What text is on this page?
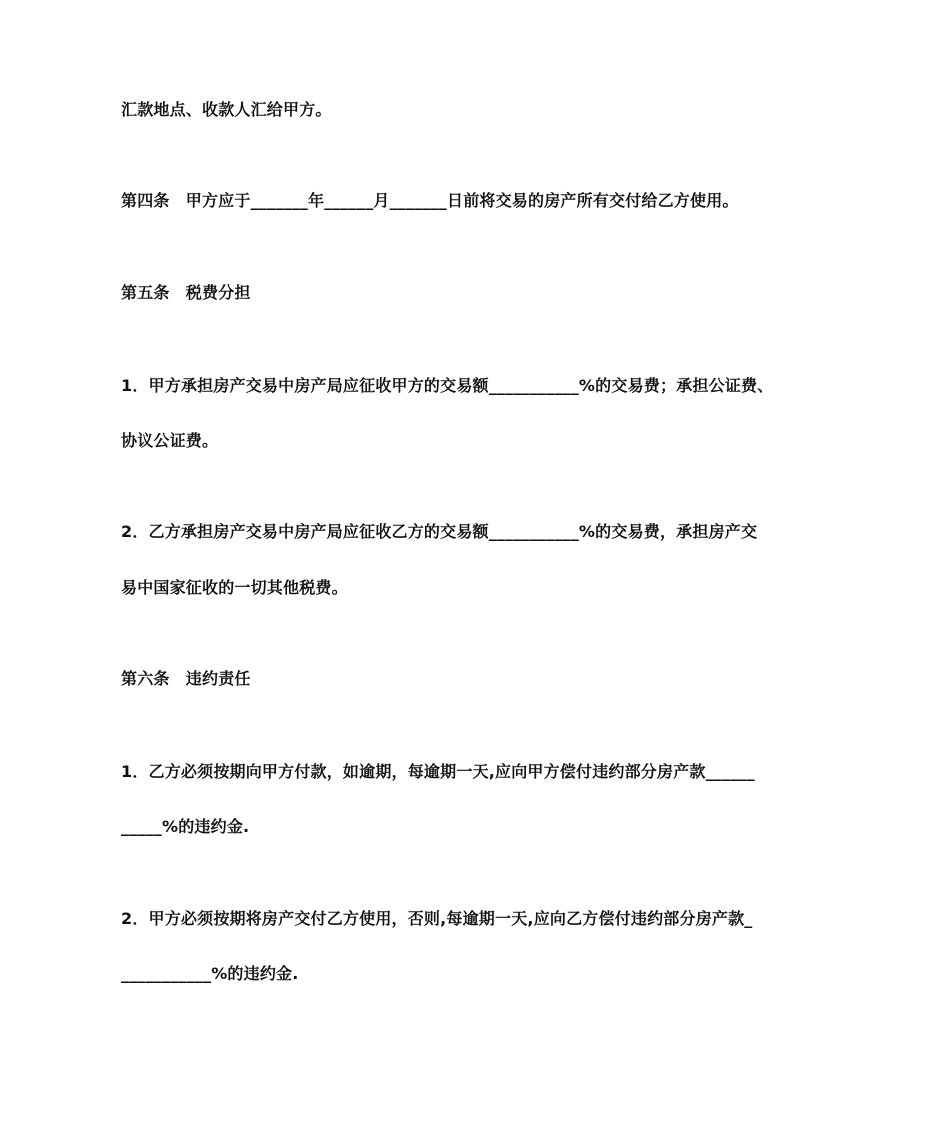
汇款地点、收款人汇给甲方。
第四条　甲方应于_______年______月_______日前将交易的房产所有交付给乙方使用。
第五条　税费分担
1．甲方承担房产交易中房产局应征收甲方的交易额___________%的交易费；承担公证费、
协议公证费。
2．乙方承担房产交易中房产局应征收乙方的交易额___________%的交易费，承担房产交
易中国家征收的一切其他税费。
第六条　违约责任
1．乙方必须按期向甲方付款，如逾期，每逾期一天,应向甲方偿付违约部分房产款______
_____%的违约金.
2．甲方必须按期将房产交付乙方使用，否则,每逾期一天,应向乙方偿付违约部分房产款_
___________%的违约金.
